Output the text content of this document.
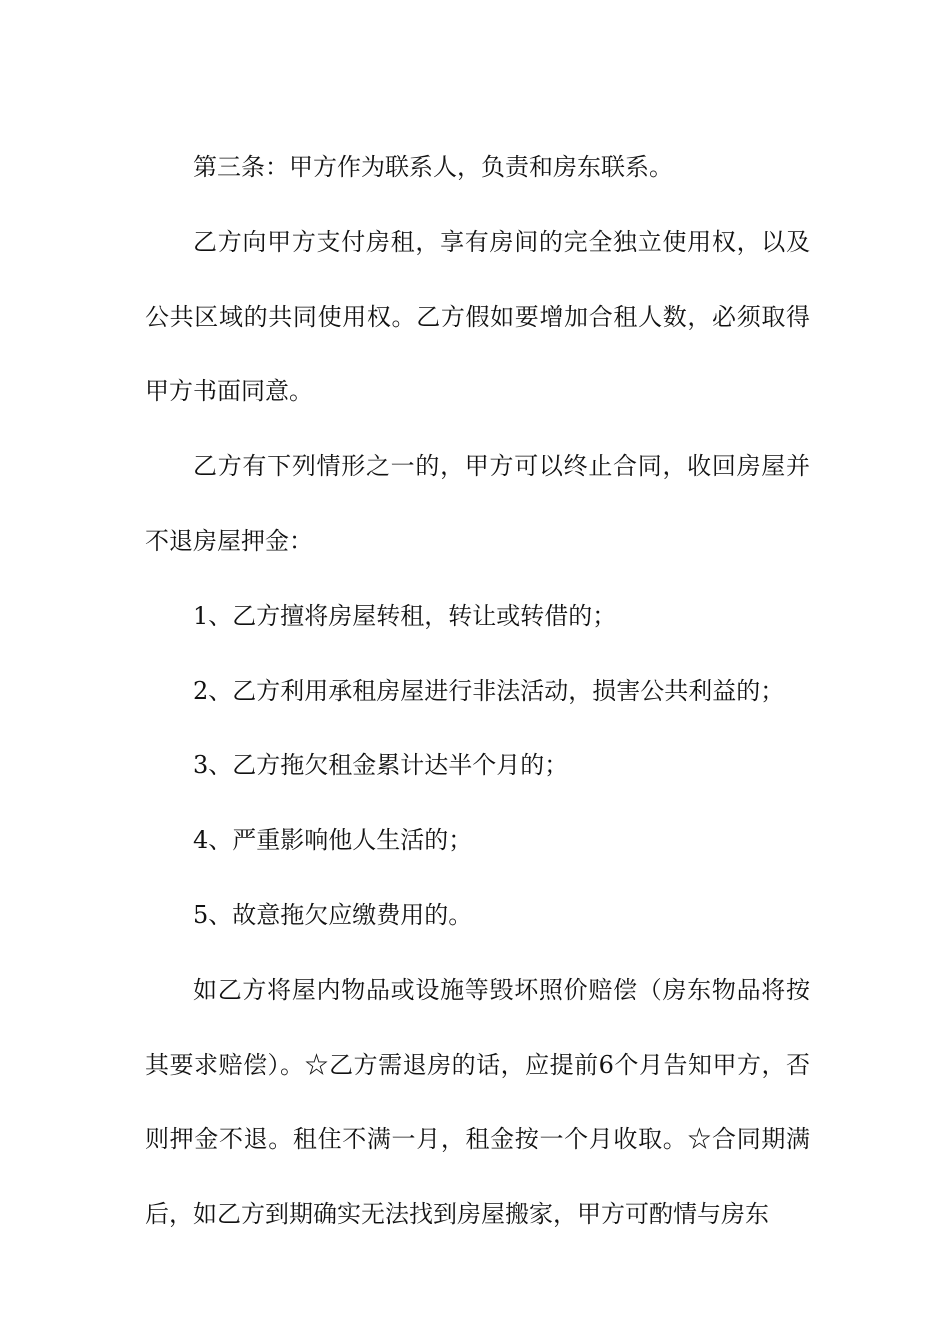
第三条：甲方作为联系人，负责和房东联系。

乙方向甲方支付房租，享有房间的完全独立使用权，以及公共区域的共同使用权。乙方假如要增加合租人数，必须取得甲方书面同意。

乙方有下列情形之一的，甲方可以终止合同，收回房屋并不退房屋押金：

1、乙方擅将房屋转租，转让或转借的；

2、乙方利用承租房屋进行非法活动，损害公共利益的；

3、乙方拖欠租金累计达半个月的；

4、严重影响他人生活的；

5、故意拖欠应缴费用的。

如乙方将屋内物品或设施等毁坏照价赔偿（房东物品将按其要求赔偿）。☆乙方需退房的话，应提前6个月告知甲方，否则押金不退。租住不满一月，租金按一个月收取。☆合同期满后，如乙方到期确实无法找到房屋搬家，甲方可酌情与房东
